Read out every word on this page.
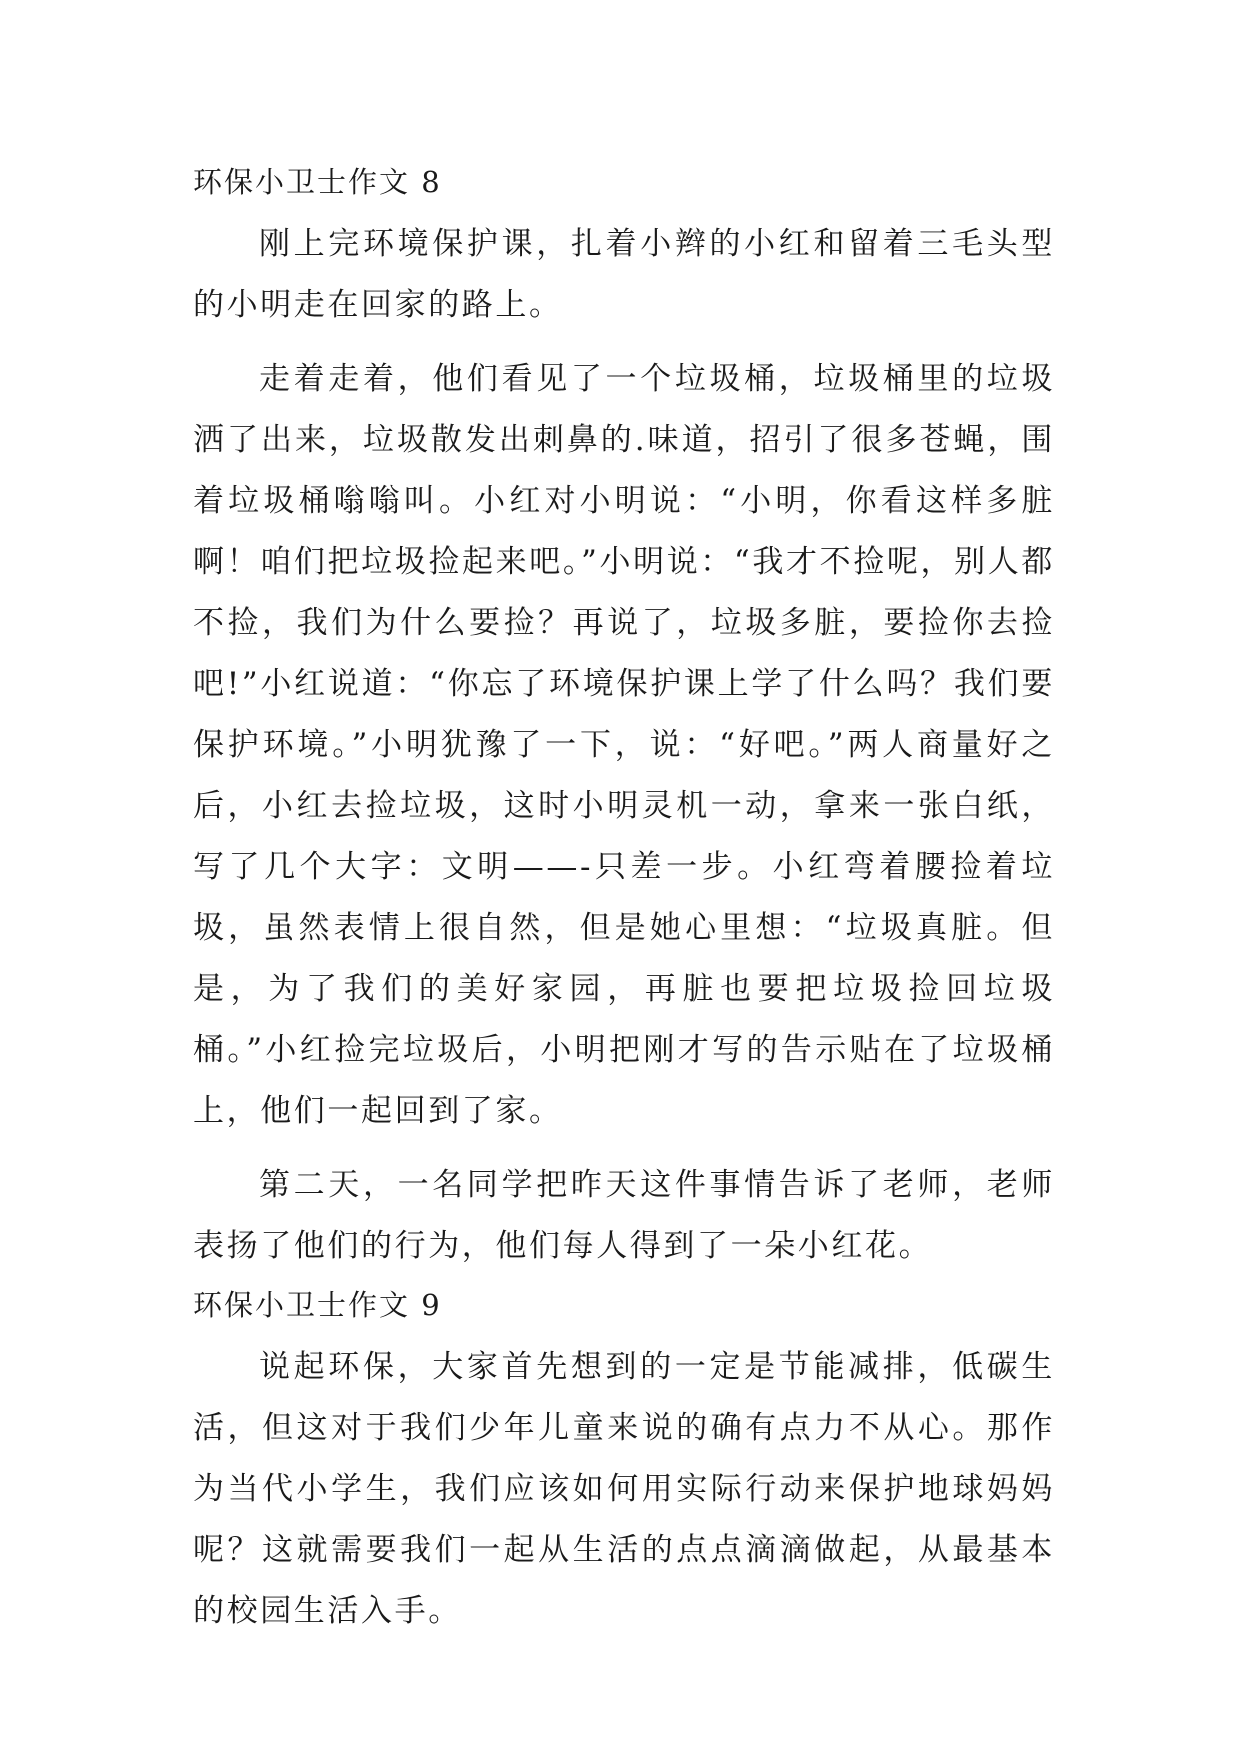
环保小卫士作文 8

刚上完环境保护课，扎着小辫的小红和留着三毛头型的小明走在回家的路上。

走着走着，他们看见了一个垃圾桶，垃圾桶里的垃圾洒了出来，垃圾散发出刺鼻的.味道，招引了很多苍蝇，围着垃圾桶嗡嗡叫。小红对小明说：“小明，你看这样多脏啊！咱们把垃圾捡起来吧。”小明说：“我才不捡呢，别人都不捡，我们为什么要捡？再说了，垃圾多脏，要捡你去捡吧!”小红说道：“你忘了环境保护课上学了什么吗？我们要保护环境。”小明犹豫了一下，说：“好吧。”两人商量好之后，小红去捡垃圾，这时小明灵机一动，拿来一张白纸，写了几个大字：文明——-只差一步。小红弯着腰捡着垃圾，虽然表情上很自然，但是她心里想：“垃圾真脏。但是，为了我们的美好家园，再脏也要把垃圾捡回垃圾桶。”小红捡完垃圾后，小明把刚才写的告示贴在了垃圾桶上，他们一起回到了家。

第二天，一名同学把昨天这件事情告诉了老师，老师表扬了他们的行为，他们每人得到了一朵小红花。

环保小卫士作文 9

说起环保，大家首先想到的一定是节能减排，低碳生活，但这对于我们少年儿童来说的确有点力不从心。那作为当代小学生，我们应该如何用实际行动来保护地球妈妈呢？这就需要我们一起从生活的点点滴滴做起，从最基本的校园生活入手。
